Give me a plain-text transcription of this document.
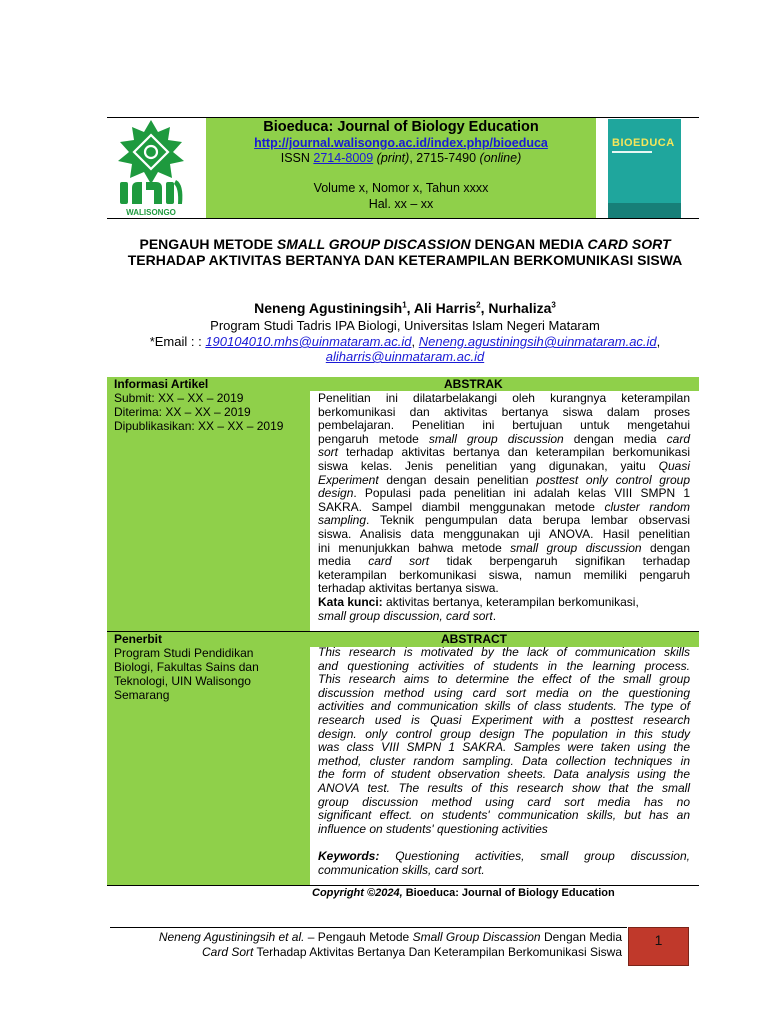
WALISONGO
Bioeduca: Journal of Biology Education
http://journal.walisongo.ac.id/index.php/bioeduca
ISSN 2714-8009 (print), 2715-7490 (online)
Volume x, Nomor x, Tahun xxxx
Hal. xx – xx
BIOEDUCA
PENGAUH METODE SMALL GROUP DISCASSION DENGAN MEDIA CARD SORT TERHADAP AKTIVITAS BERTANYA DAN KETERAMPILAN BERKOMUNIKASI SISWA
Neneng Agustiningsih$^1$, Ali Harris$^2$, Nurhaliza$^3$
Program Studi Tadris IPA Biologi, Universitas Islam Negeri Mataram
*Email : : 190104010.mhs@uinmataram.ac.id, Neneng.agustiningsih@uinmataram.ac.id,
aliharris@uinmataram.ac.id
Informasi Artikel	ABSTRAK
Submit: XX – XX – 2019
Diterima: XX – XX – 2019
Dipublikasikan: XX – XX – 2019
Penelitian ini dilatarbelakangi oleh kurangnya keterampilan
berkomunikasi dan aktivitas bertanya siswa dalam proses
pembelajaran. Penelitian ini bertujuan untuk mengetahui
pengaruh metode small group discussion dengan media card
sort terhadap aktivitas bertanya dan keterampilan berkomunikasi
siswa kelas. Jenis penelitian yang digunakan, yaitu Quasi
Experiment dengan desain penelitian posttest only control group
design. Populasi pada penelitian ini adalah kelas VIII SMPN 1
SAKRA. Sampel diambil menggunakan metode cluster random
sampling. Teknik pengumpulan data berupa lembar observasi
siswa. Analisis data menggunakan uji ANOVA. Hasil penelitian
ini menunjukkan bahwa metode small group discussion dengan
media card sort tidak berpengaruh signifikan terhadap
keterampilan berkomunikasi siswa, namun memiliki pengaruh
terhadap aktivitas bertanya siswa.
Kata kunci: aktivitas bertanya, keterampilan berkomunikasi,
small group discussion, card sort.
Penerbit	ABSTRACT
Program Studi Pendidikan
Biologi, Fakultas Sains dan
Teknologi, UIN Walisongo
Semarang
This research is motivated by the lack of communication skills
and questioning activities of students in the learning process.
This research aims to determine the effect of the small group
discussion method using card sort media on the questioning
activities and communication skills of class students. The type of
research used is Quasi Experiment with a posttest research
design. only control group design The population in this study
was class VIII SMPN 1 SAKRA. Samples were taken using the
method, cluster random sampling. Data collection techniques in
the form of student observation sheets. Data analysis using the
ANOVA test. The results of this research show that the small
group discussion method using card sort media has no
significant effect. on students' communication skills, but has an
influence on students' questioning activities
Keywords: Questioning activities, small group discussion,
communication skills, card sort.
Copyright ©2024, Bioeduca: Journal of Biology Education
Neneng Agustiningsih et al. – Pengauh Metode Small Group Discassion Dengan Media
Card Sort Terhadap Aktivitas Bertanya Dan Keterampilan Berkomunikasi Siswa
1
